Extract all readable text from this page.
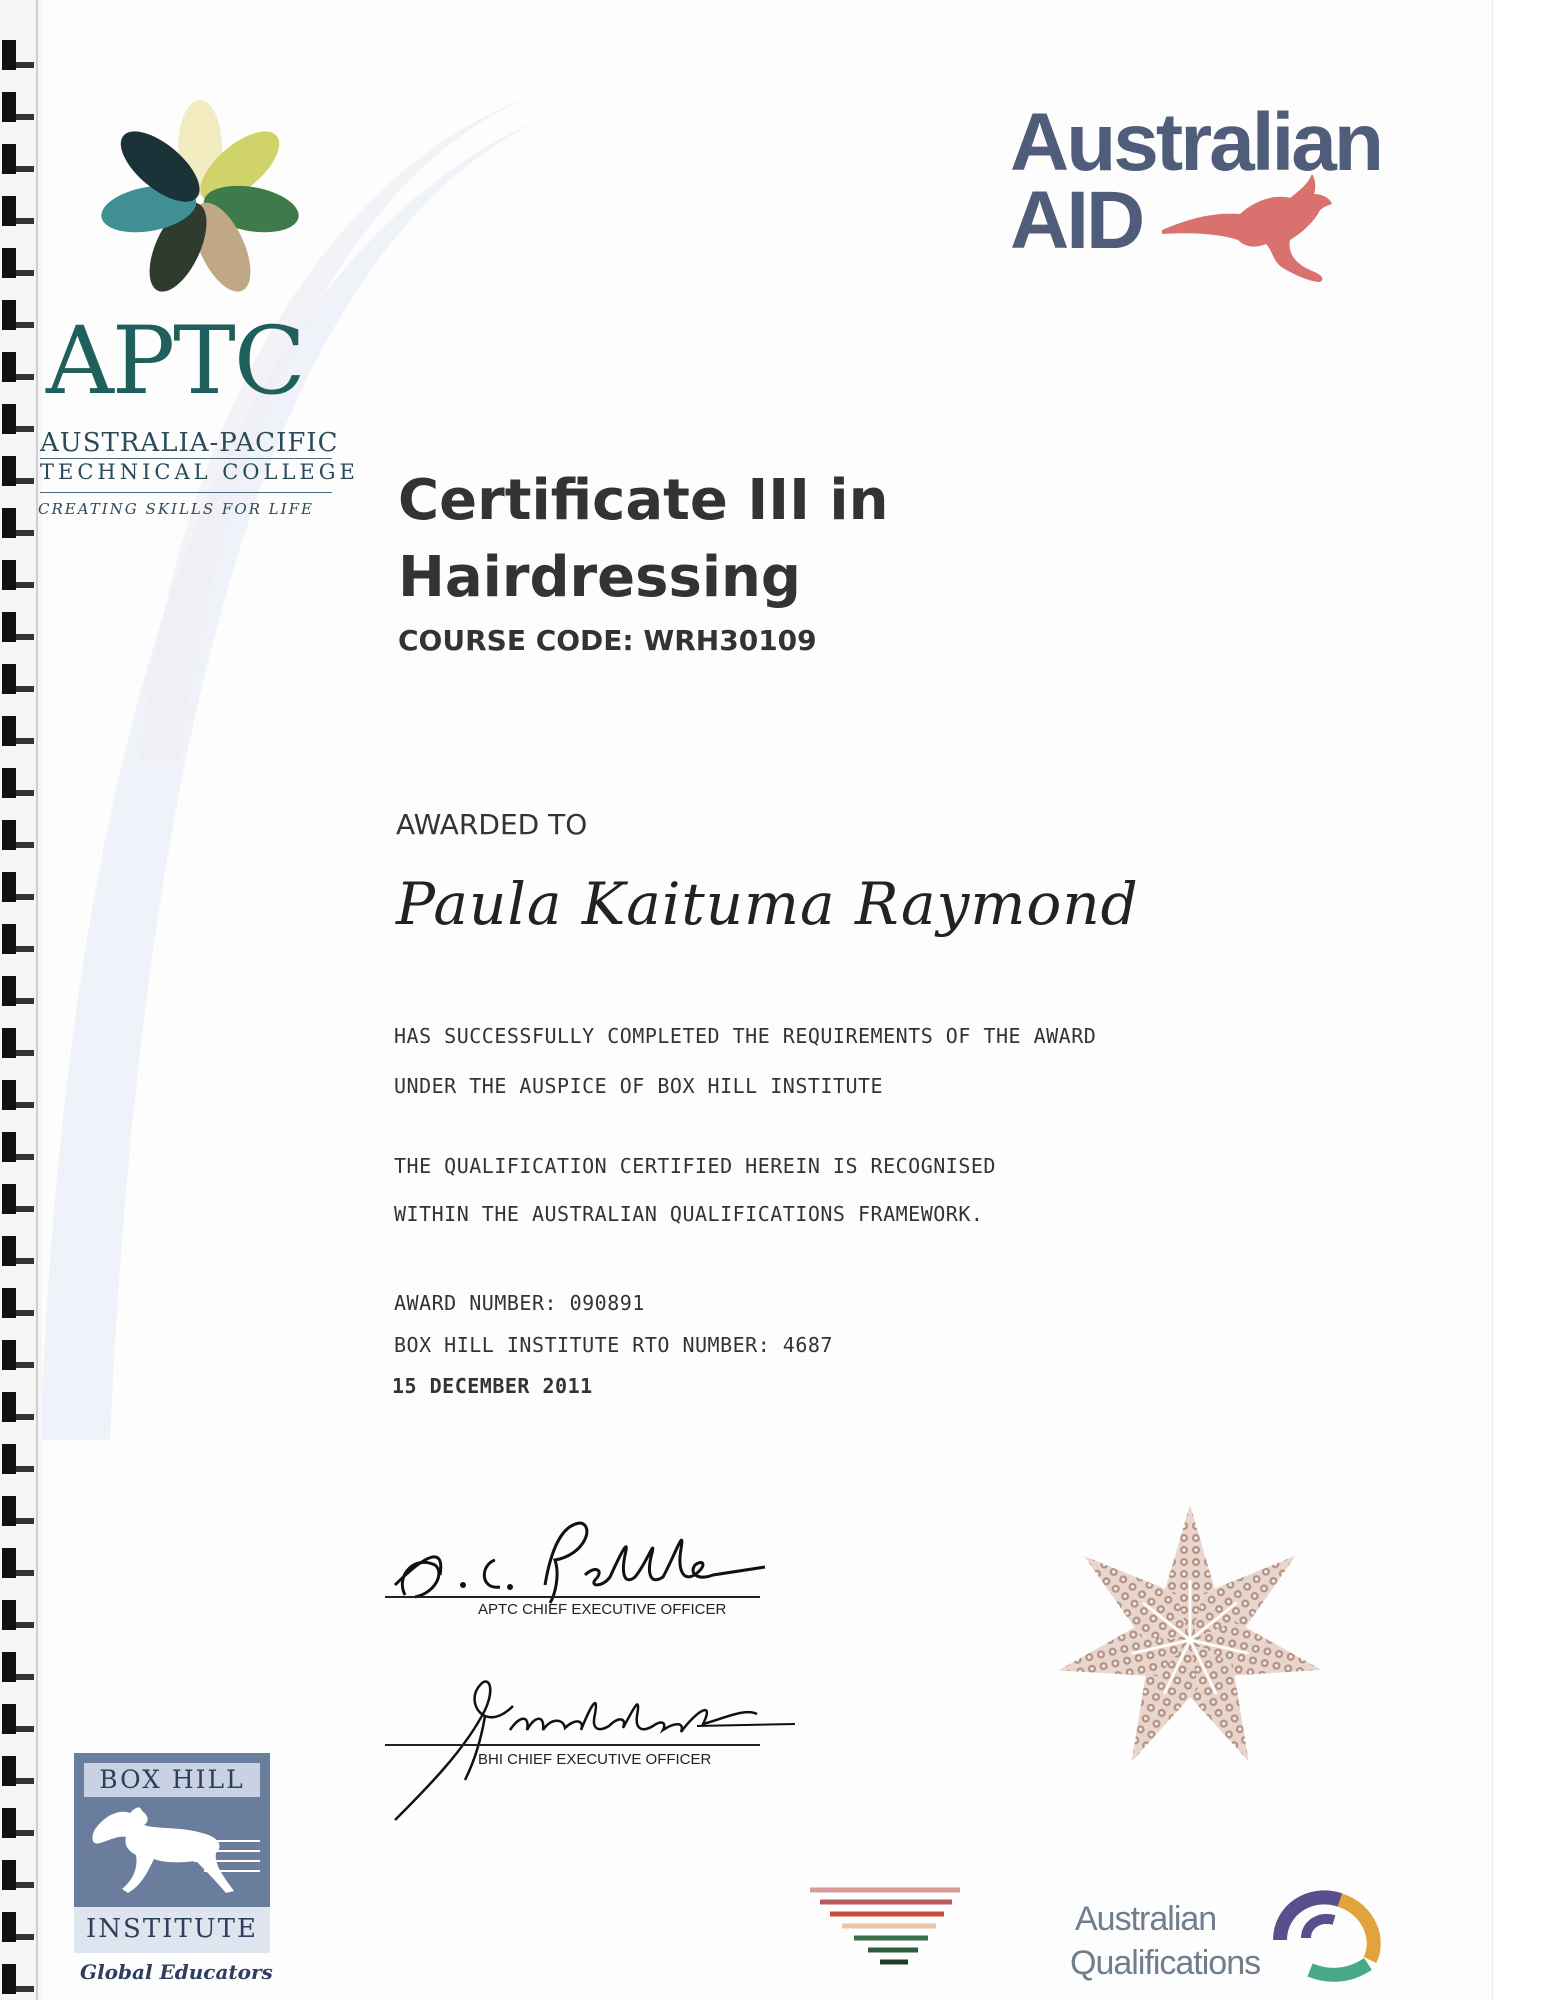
APTC
AUSTRALIA-PACIFIC
TECHNICAL COLLEGE
CREATING SKILLS FOR LIFE
Australian
AID
Certificate III in
Hairdressing
COURSE CODE: WRH30109
AWARDED TO
Paula Kaituma Raymond
HAS SUCCESSFULLY COMPLETED THE REQUIREMENTS OF THE AWARD
UNDER THE AUSPICE OF BOX HILL INSTITUTE
THE QUALIFICATION CERTIFIED HEREIN IS RECOGNISED
WITHIN THE AUSTRALIAN QUALIFICATIONS FRAMEWORK.
AWARD NUMBER: 090891
BOX HILL INSTITUTE RTO NUMBER: 4687
15 DECEMBER 2011
APTC CHIEF EXECUTIVE OFFICER
BHI CHIEF EXECUTIVE OFFICER
BOX HILL
INSTITUTE
Global Educators
Australian
Qualifications
